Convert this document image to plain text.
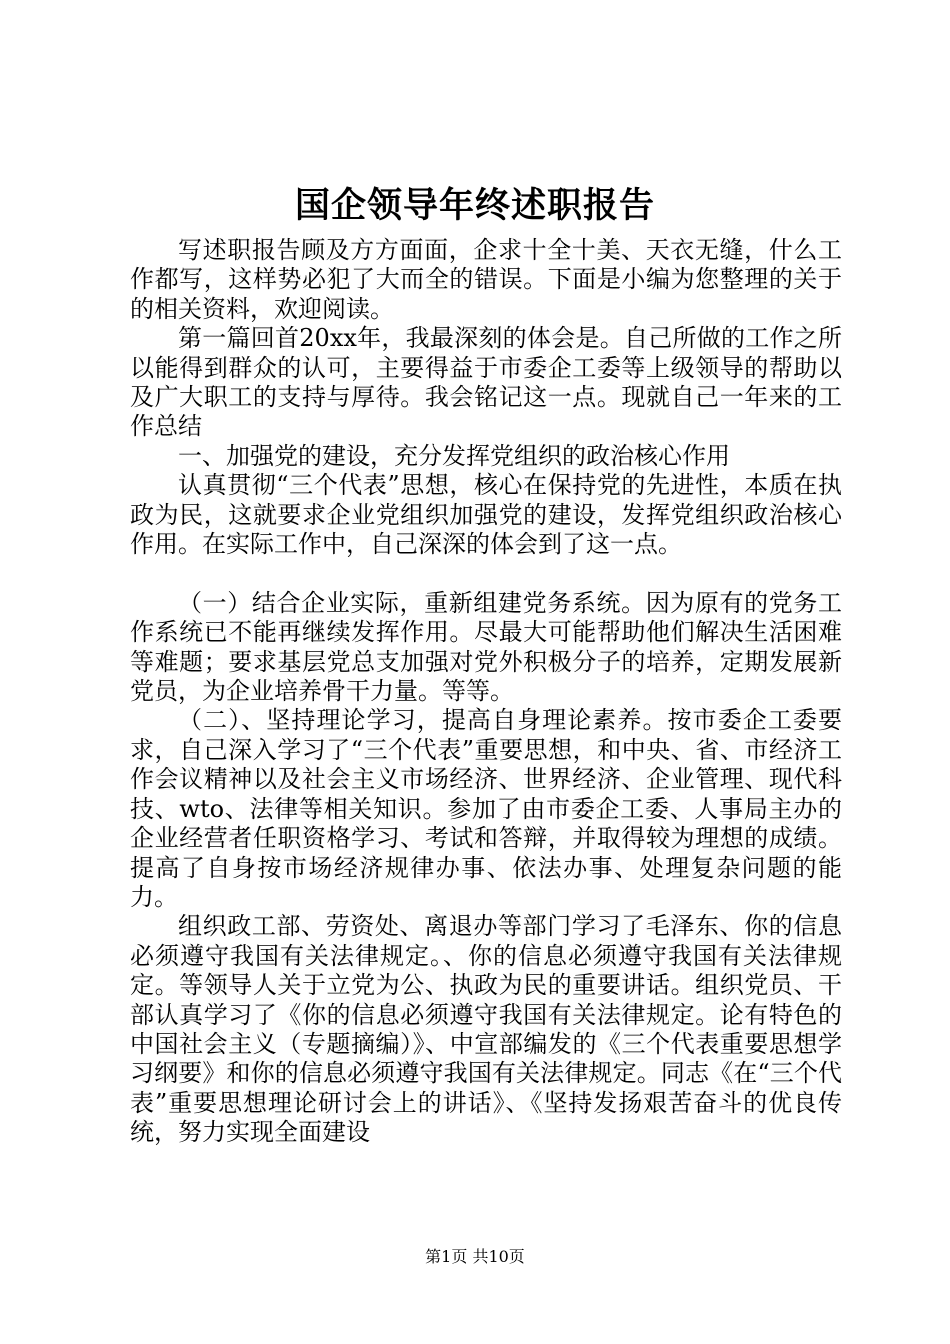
国企领导年终述职报告

写述职报告顾及方方面面，企求十全十美、天衣无缝，什么工作都写，这样势必犯了大而全的错误。下面是小编为您整理的关于的相关资料，欢迎阅读。

第一篇回首20xx年，我最深刻的体会是。自己所做的工作之所以能得到群众的认可，主要得益于市委企工委等上级领导的帮助以及广大职工的支持与厚待。我会铭记这一点。现就自己一年来的工作总结

一、加强党的建设，充分发挥党组织的政治核心作用

认真贯彻“三个代表”思想，核心在保持党的先进性，本质在执政为民，这就要求企业党组织加强党的建设，发挥党组织政治核心作用。在实际工作中，自己深深的体会到了这一点。

（一）结合企业实际，重新组建党务系统。因为原有的党务工作系统已不能再继续发挥作用。尽最大可能帮助他们解决生活困难等难题；要求基层党总支加强对党外积极分子的培养，定期发展新党员，为企业培养骨干力量。等等。

（二）、坚持理论学习，提高自身理论素养。按市委企工委要求，自己深入学习了“三个代表”重要思想，和中央、省、市经济工作会议精神以及社会主义市场经济、世界经济、企业管理、现代科技、wto、法律等相关知识。参加了由市委企工委、人事局主办的企业经营者任职资格学习、考试和答辩，并取得较为理想的成绩。提高了自身按市场经济规律办事、依法办事、处理复杂问题的能力。

组织政工部、劳资处、离退办等部门学习了毛泽东、你的信息必须遵守我国有关法律规定。、你的信息必须遵守我国有关法律规定。等领导人关于立党为公、执政为民的重要讲话。组织党员、干部认真学习了《你的信息必须遵守我国有关法律规定。论有特色的中国社会主义（专题摘编）》、中宣部编发的《三个代表重要思想学习纲要》和你的信息必须遵守我国有关法律规定。同志《在“三个代表”重要思想理论研讨会上的讲话》、《坚持发扬艰苦奋斗的优良传统，努力实现全面建设

第1页 共10页
